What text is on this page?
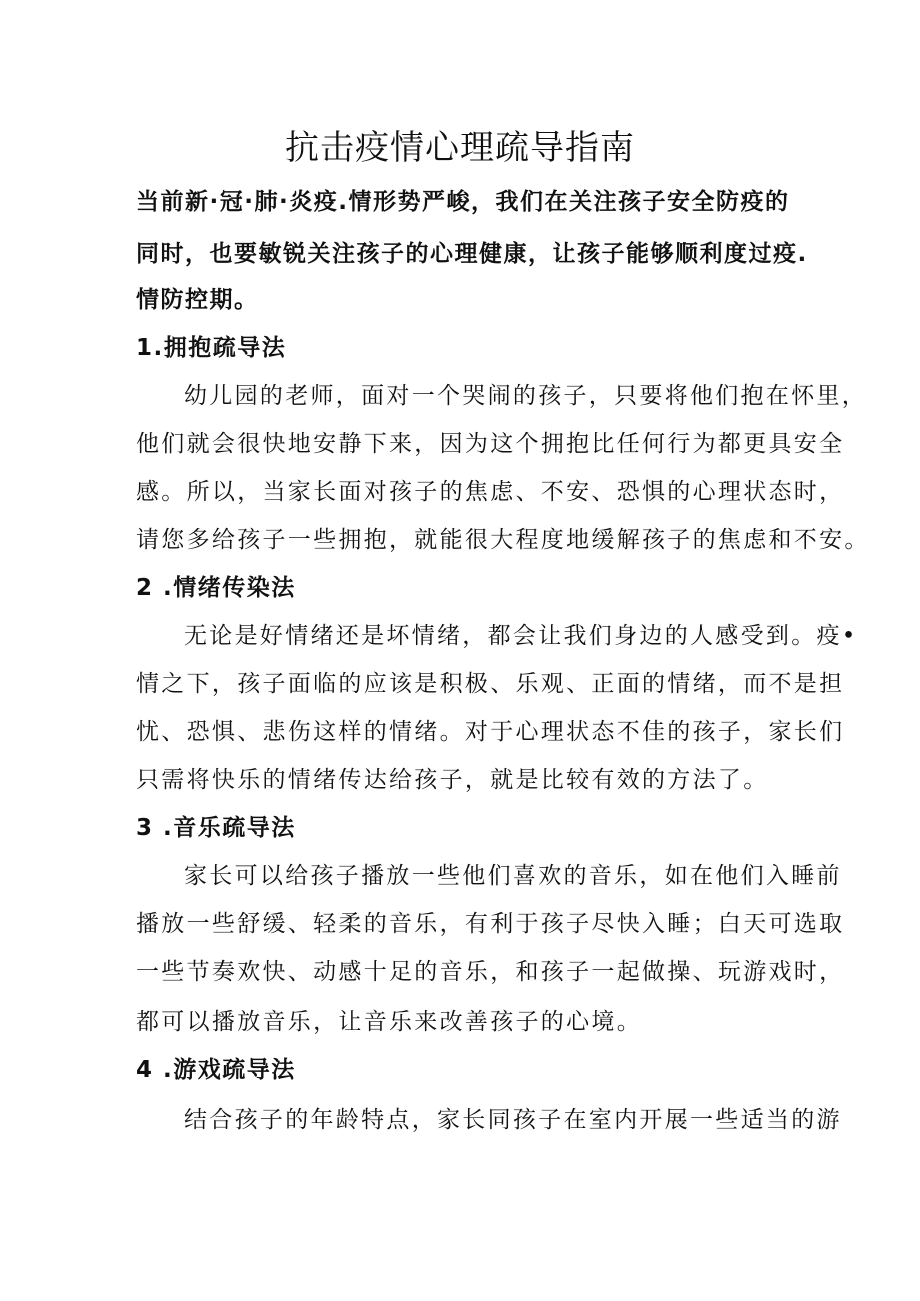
抗击疫情心理疏导指南
当前新·冠·肺·炎疫.情形势严峻，我们在关注孩子安全防疫的
同时，也要敏锐关注孩子的心理健康，让孩子能够顺利度过疫.
情防控期。
1.拥抱疏导法
幼儿园的老师，面对一个哭闹的孩子，只要将他们抱在怀里，
他们就会很快地安静下来，因为这个拥抱比任何行为都更具安全
感。所以，当家长面对孩子的焦虑、不安、恐惧的心理状态时，
请您多给孩子一些拥抱，就能很大程度地缓解孩子的焦虑和不安。
2 .情绪传染法
无论是好情绪还是坏情绪，都会让我们身边的人感受到。疫•
情之下，孩子面临的应该是积极、乐观、正面的情绪，而不是担
忧、恐惧、悲伤这样的情绪。对于心理状态不佳的孩子，家长们
只需将快乐的情绪传达给孩子，就是比较有效的方法了。
3 .音乐疏导法
家长可以给孩子播放一些他们喜欢的音乐，如在他们入睡前
播放一些舒缓、轻柔的音乐，有利于孩子尽快入睡；白天可选取
一些节奏欢快、动感十足的音乐，和孩子一起做操、玩游戏时，
都可以播放音乐，让音乐来改善孩子的心境。
4 .游戏疏导法
结合孩子的年龄特点，家长同孩子在室内开展一些适当的游
